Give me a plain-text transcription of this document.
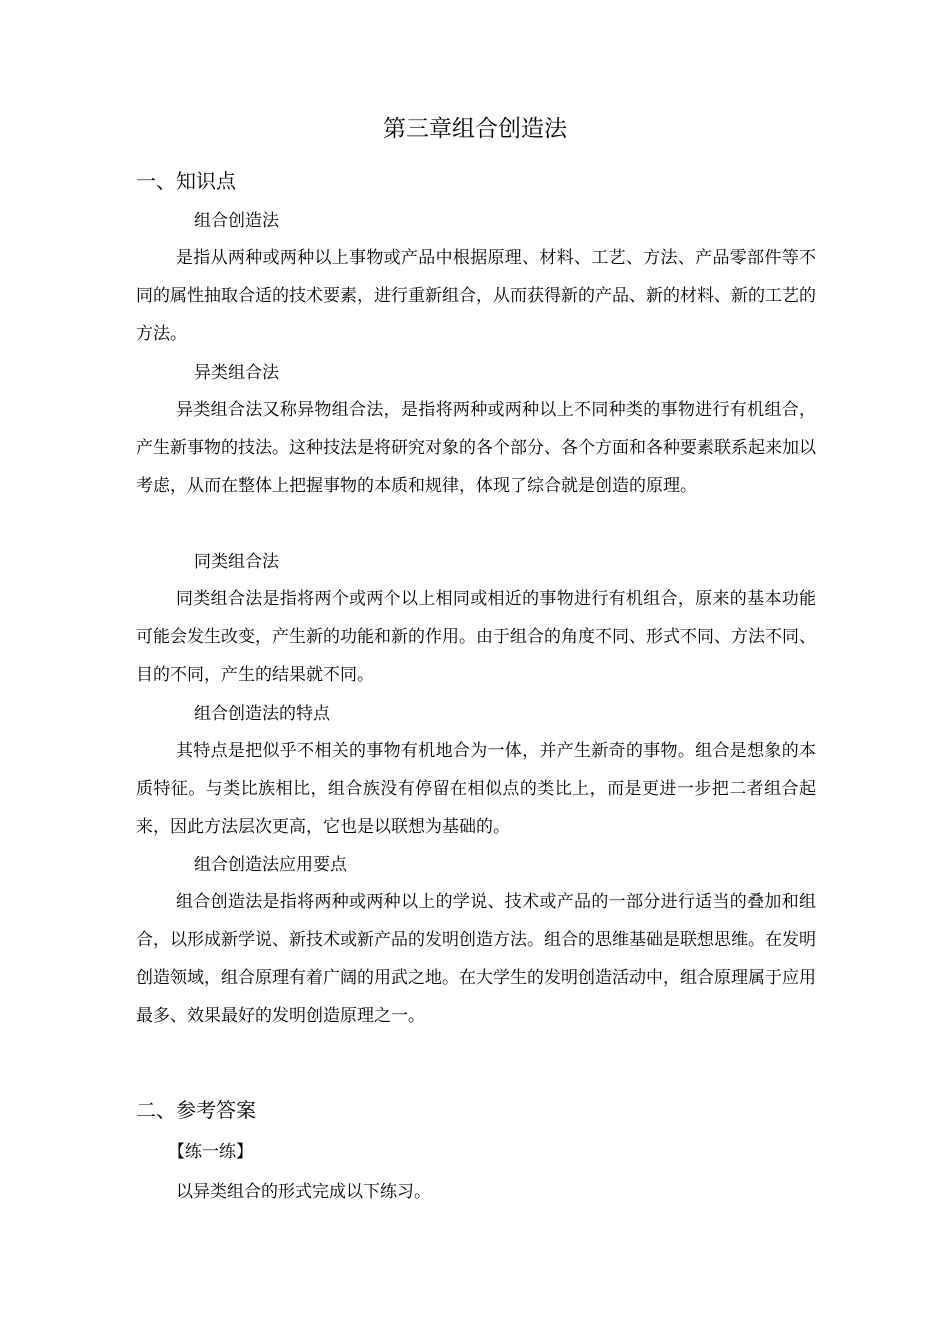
第三章组合创造法
一、知识点
组合创造法
是指从两种或两种以上事物或产品中根据原理、材料、工艺、方法、产品零部件等不同的属性抽取合适的技术要素，进行重新组合，从而获得新的产品、新的材料、新的工艺的方法。
异类组合法
异类组合法又称异物组合法，是指将两种或两种以上不同种类的事物进行有机组合，产生新事物的技法。这种技法是将研究对象的各个部分、各个方面和各种要素联系起来加以考虑，从而在整体上把握事物的本质和规律，体现了综合就是创造的原理。
同类组合法
同类组合法是指将两个或两个以上相同或相近的事物进行有机组合，原来的基本功能可能会发生改变，产生新的功能和新的作用。由于组合的角度不同、形式不同、方法不同、目的不同，产生的结果就不同。
组合创造法的特点
其特点是把似乎不相关的事物有机地合为一体，并产生新奇的事物。组合是想象的本质特征。与类比族相比，组合族没有停留在相似点的类比上，而是更进一步把二者组合起来，因此方法层次更高，它也是以联想为基础的。
组合创造法应用要点
组合创造法是指将两种或两种以上的学说、技术或产品的一部分进行适当的叠加和组合，以形成新学说、新技术或新产品的发明创造方法。组合的思维基础是联想思维。在发明创造领域，组合原理有着广阔的用武之地。在大学生的发明创造活动中，组合原理属于应用最多、效果最好的发明创造原理之一。
二、参考答案
【练一练】
以异类组合的形式完成以下练习。
